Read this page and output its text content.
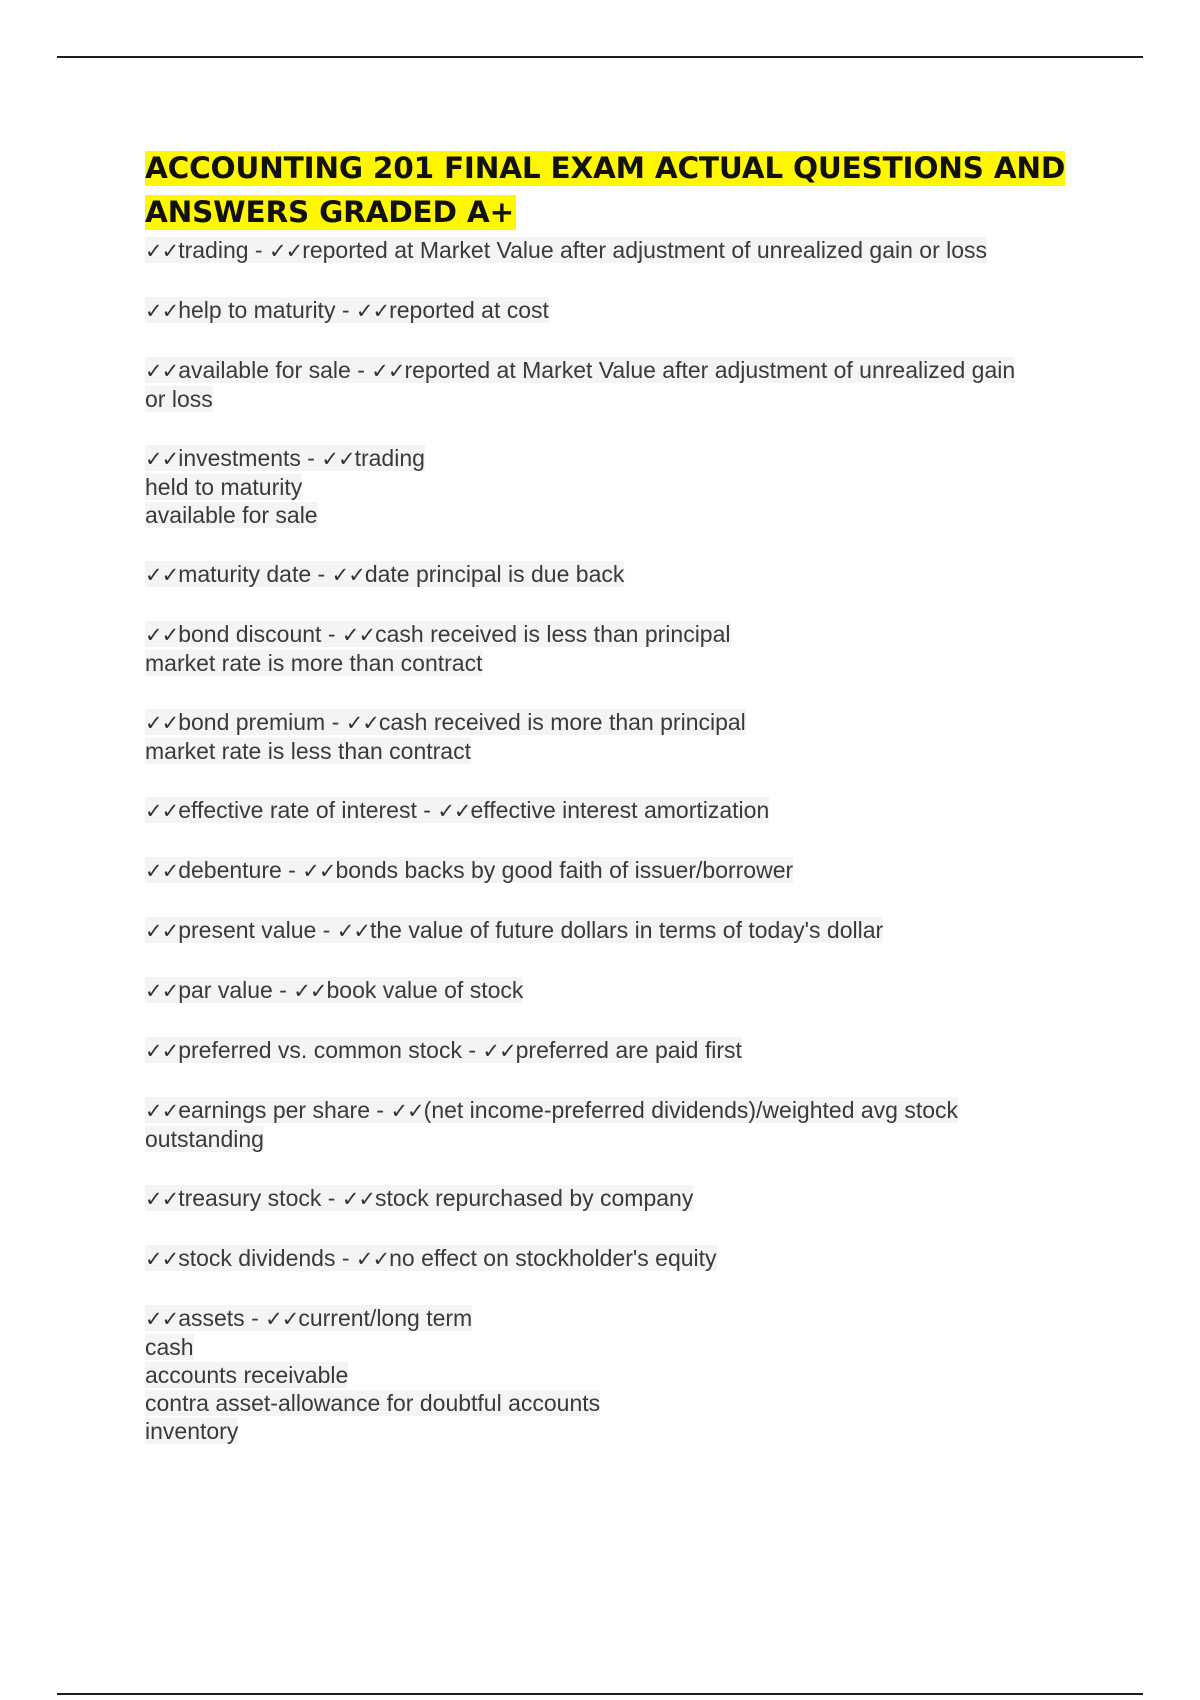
ACCOUNTING 201 FINAL EXAM ACTUAL QUESTIONS AND ANSWERS GRADED A+
✓✓trading - ✓✓reported at Market Value after adjustment of unrealized gain or loss
✓✓help to maturity - ✓✓reported at cost
✓✓available for sale - ✓✓reported at Market Value after adjustment of unrealized gain
or loss
✓✓investments - ✓✓trading
held to maturity
available for sale
✓✓maturity date - ✓✓date principal is due back
✓✓bond discount - ✓✓cash received is less than principal
market rate is more than contract
✓✓bond premium - ✓✓cash received is more than principal
market rate is less than contract
✓✓effective rate of interest - ✓✓effective interest amortization
✓✓debenture - ✓✓bonds backs by good faith of issuer/borrower
✓✓present value - ✓✓the value of future dollars in terms of today's dollar
✓✓par value - ✓✓book value of stock
✓✓preferred vs. common stock - ✓✓preferred are paid first
✓✓earnings per share - ✓✓(net income-preferred dividends)/weighted avg stock
outstanding
✓✓treasury stock - ✓✓stock repurchased by company
✓✓stock dividends - ✓✓no effect on stockholder's equity
✓✓assets - ✓✓current/long term
cash
accounts receivable
contra asset-allowance for doubtful accounts
inventory
